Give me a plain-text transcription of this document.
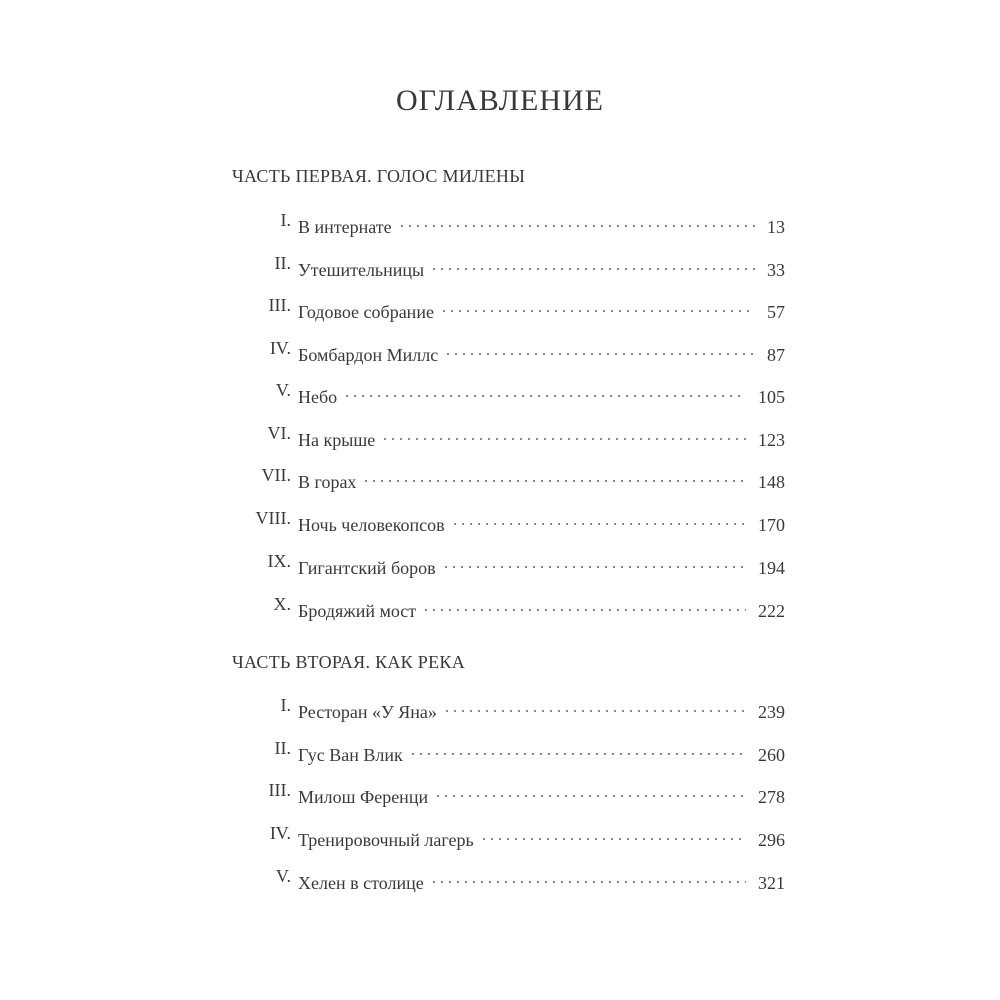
ОГЛАВЛЕНИЕ
ЧАСТЬ ПЕРВАЯ. ГОЛОС МИЛЕНЫ
I. В интернате	13
II. Утешительницы	33
III. Годовое собрание	57
IV. Бомбардон Миллс	87
V. Небо	105
VI. На крыше	123
VII. В горах	148
VIII. Ночь человекопсов	170
IX. Гигантский боров	194
X. Бродяжий мост	222
ЧАСТЬ ВТОРАЯ. КАК РЕКА
I. Ресторан «У Яна»	239
II. Гус Ван Влик	260
III. Милош Ференци	278
IV. Тренировочный лагерь	296
V. Хелен в столице	321
